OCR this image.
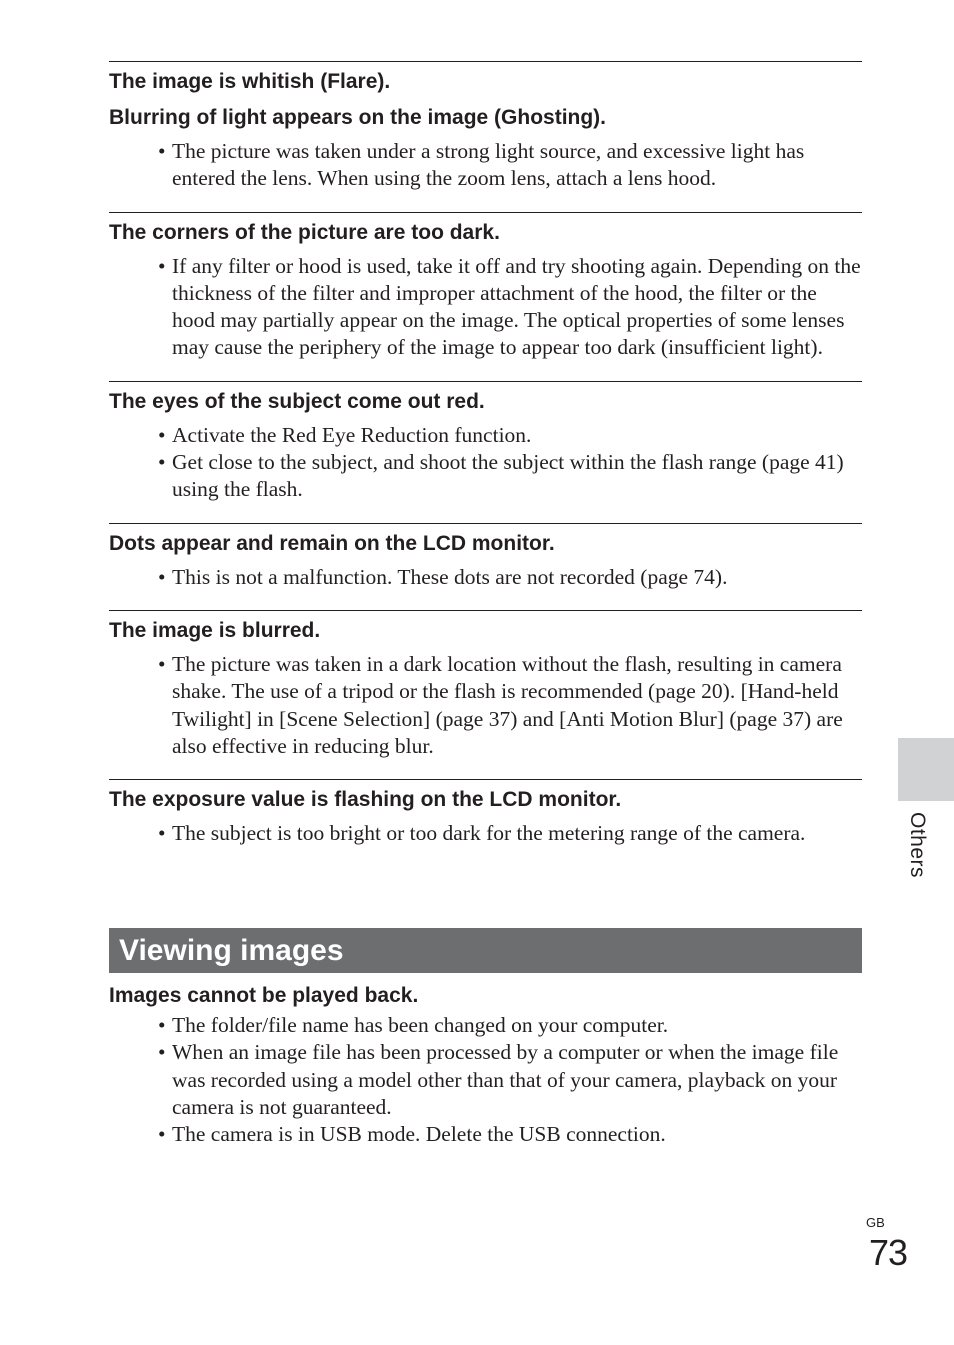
The image is whitish (Flare).
Blurring of light appears on the image (Ghosting).
• The picture was taken under a strong light source, and excessive light has entered the lens. When using the zoom lens, attach a lens hood.
The corners of the picture are too dark.
• If any filter or hood is used, take it off and try shooting again. Depending on the thickness of the filter and improper attachment of the hood, the filter or the hood may partially appear on the image. The optical properties of some lenses may cause the periphery of the image to appear too dark (insufficient light).
The eyes of the subject come out red.
• Activate the Red Eye Reduction function.
• Get close to the subject, and shoot the subject within the flash range (page 41) using the flash.
Dots appear and remain on the LCD monitor.
• This is not a malfunction. These dots are not recorded (page 74).
The image is blurred.
• The picture was taken in a dark location without the flash, resulting in camera shake. The use of a tripod or the flash is recommended (page 20). [Hand-held Twilight] in [Scene Selection] (page 37) and [Anti Motion Blur] (page 37) are also effective in reducing blur.
The exposure value is flashing on the LCD monitor.
• The subject is too bright or too dark for the metering range of the camera.
Viewing images
Images cannot be played back.
• The folder/file name has been changed on your computer.
• When an image file has been processed by a computer or when the image file was recorded using a model other than that of your camera, playback on your camera is not guaranteed.
• The camera is in USB mode. Delete the USB connection.
Others
GB
73
